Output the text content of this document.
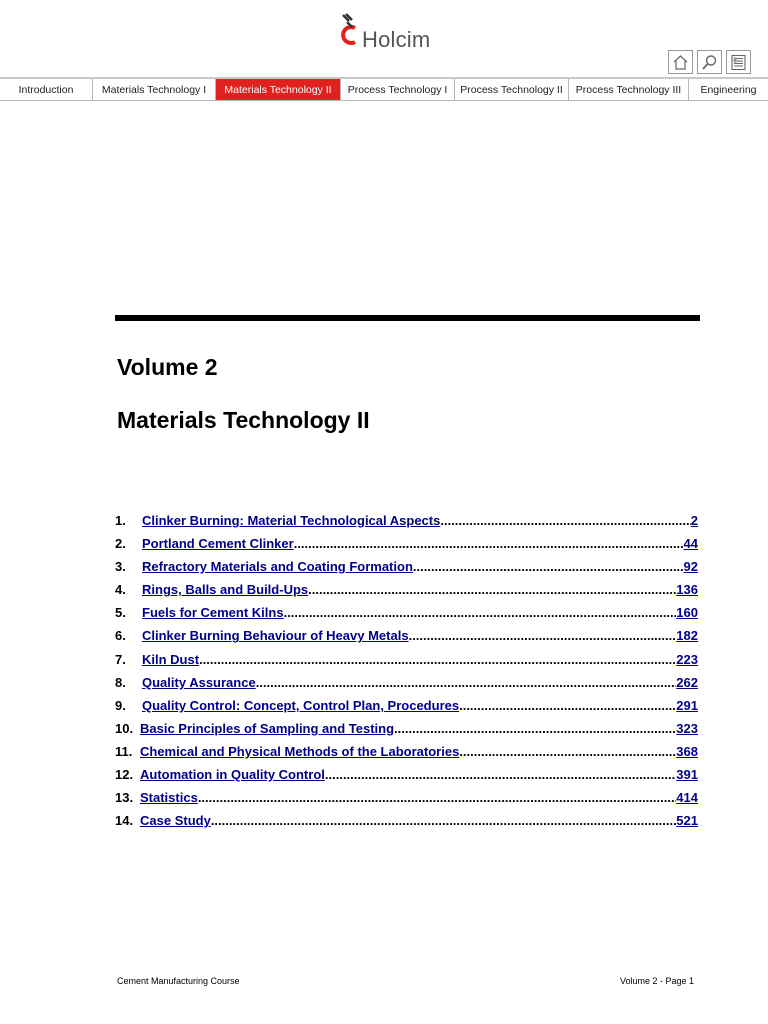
Holcim
Introduction	Materials Technology I	Materials Technology II	Process Technology I	Process Technology II	Process Technology III	Engineering
Volume 2
Materials Technology II
1.	Clinker Burning: Material Technological Aspects .....	2
2.	Portland Cement Clinker .....	44
3.	Refractory Materials and Coating Formation .....	92
4.	Rings, Balls and Build-Ups .....	136
5.	Fuels for Cement Kilns .....	160
6.	Clinker Burning Behaviour of Heavy Metals .....	182
7.	Kiln Dust .....	223
8.	Quality Assurance .....	262
9.	Quality Control: Concept, Control Plan, Procedures .....	291
10. Basic Principles of Sampling and Testing .....	323
11. Chemical and Physical Methods of the Laboratories .....	368
12. Automation in Quality Control .....	391
13. Statistics .....	414
14. Case Study .....	521
Cement Manufacturing Course	Volume 2 - Page 1
